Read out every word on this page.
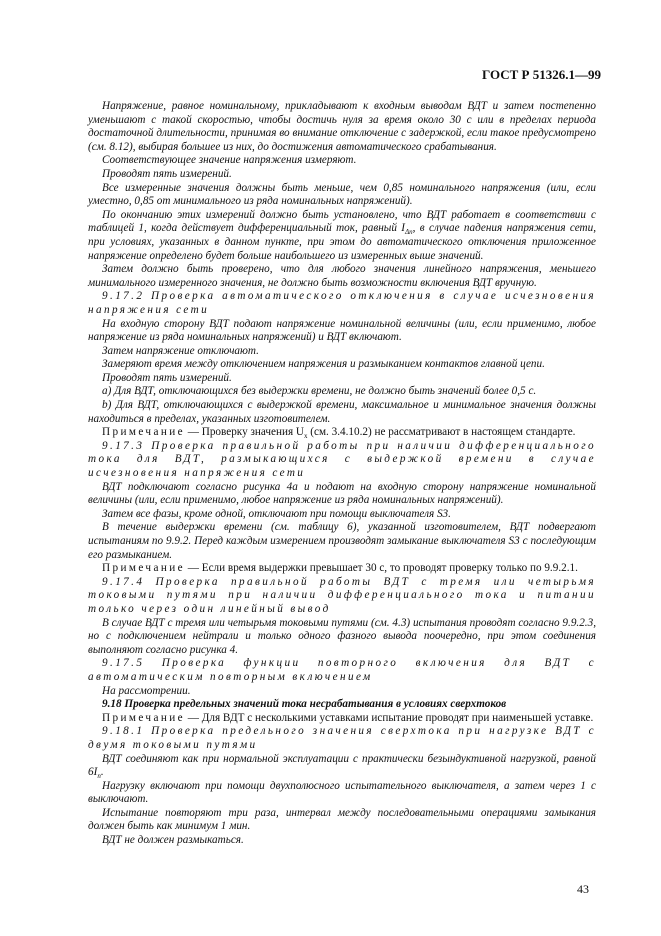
ГОСТ Р 51326.1—99

Напряжение, равное номинальному, прикладывают к входным выводам ВДТ и затем постепенно уменьшают с такой скоростью, чтобы достичь нуля за время около 30 с или в пределах периода достаточной длительности, принимая во внимание отключение с задержкой, если такое предусмотрено (см. 8.12), выбирая большее из них, до достижения автоматического срабатывания.

Соответствующее значение напряжения измеряют.

Проводят пять измерений.

Все измеренные значения должны быть меньше, чем 0,85 номинального напряжения (или, если уместно, 0,85 от минимального из ряда номинальных напряжений).

По окончанию этих измерений должно быть установлено, что ВДТ работает в соответствии с таблицей 1, когда действует дифференциальный ток, равный $I_{\Delta n}$, в случае падения напряжения сети, при условиях, указанных в данном пункте, при этом до автоматического отключения приложенное напряжение определено будет больше наибольшего из измеренных выше значений.

Затем должно быть проверено, что для любого значения линейного напряжения, меньшего минимального измеренного значения, не должно быть возможности включения ВДТ вручную.

9.17.2 Проверка автоматического отключения в случае исчезновения напряжения сети

На входную сторону ВДТ подают напряжение номинальной величины (или, если применимо, любое напряжение из ряда номинальных напряжений) и ВДТ включают.

Затем напряжение отключают.

Замеряют время между отключением напряжения и размыканием контактов главной цепи.

Проводят пять измерений.

a) Для ВДТ, отключающихся без выдержки времени, не должно быть значений более 0,5 с.

b) Для ВДТ, отключающихся с выдержкой времени, максимальное и минимальное значения должны находиться в пределах, указанных изготовителем.

Примечание — Проверку значения $U_x$ (см. 3.4.10.2) не рассматривают в настоящем стандарте.

9.17.3 Проверка правильной работы при наличии дифференциального тока для ВДТ, размыкающихся с выдержкой времени в случае исчезновения напряжения сети

ВДТ подключают согласно рисунка 4а и подают на входную сторону напряжение номинальной величины (или, если применимо, любое напряжение из ряда номинальных напряжений).

Затем все фазы, кроме одной, отключают при помощи выключателя S3.

В течение выдержки времени (см. таблицу 6), указанной изготовителем, ВДТ подвергают испытаниям по 9.9.2. Перед каждым измерением производят замыкание выключателя S3 с последующим его размыканием.

Примечание — Если время выдержки превышает 30 с, то проводят проверку только по 9.9.2.1.

9.17.4 Проверка правильной работы ВДТ с тремя или четырьмя токовыми путями при наличии дифференциального тока и питании только через один линейный вывод

В случае ВДТ с тремя или четырьмя токовыми путями (см. 4.3) испытания проводят согласно 9.9.2.3, но с подключением нейтрали и только одного фазного вывода поочередно, при этом соединения выполняют согласно рисунка 4.

9.17.5 Проверка функции повторного включения для ВДТ с автоматическим повторным включением

На рассмотрении.

9.18 Проверка предельных значений тока несрабатывания в условиях сверхтоков

Примечание — Для ВДТ с несколькими уставками испытание проводят при наименьшей уставке.

9.18.1 Проверка предельного значения сверхтока при нагрузке ВДТ с двумя токовыми путями

ВДТ соединяют как при нормальной эксплуатации с практически безындуктивной нагрузкой, равной $6I_n$.

Нагрузку включают при помощи двухполюсного испытательного выключателя, а затем через 1 с выключают.

Испытание повторяют три раза, интервал между последовательными операциями замыкания должен быть как минимум 1 мин.

ВДТ не должен размыкаться.

43
